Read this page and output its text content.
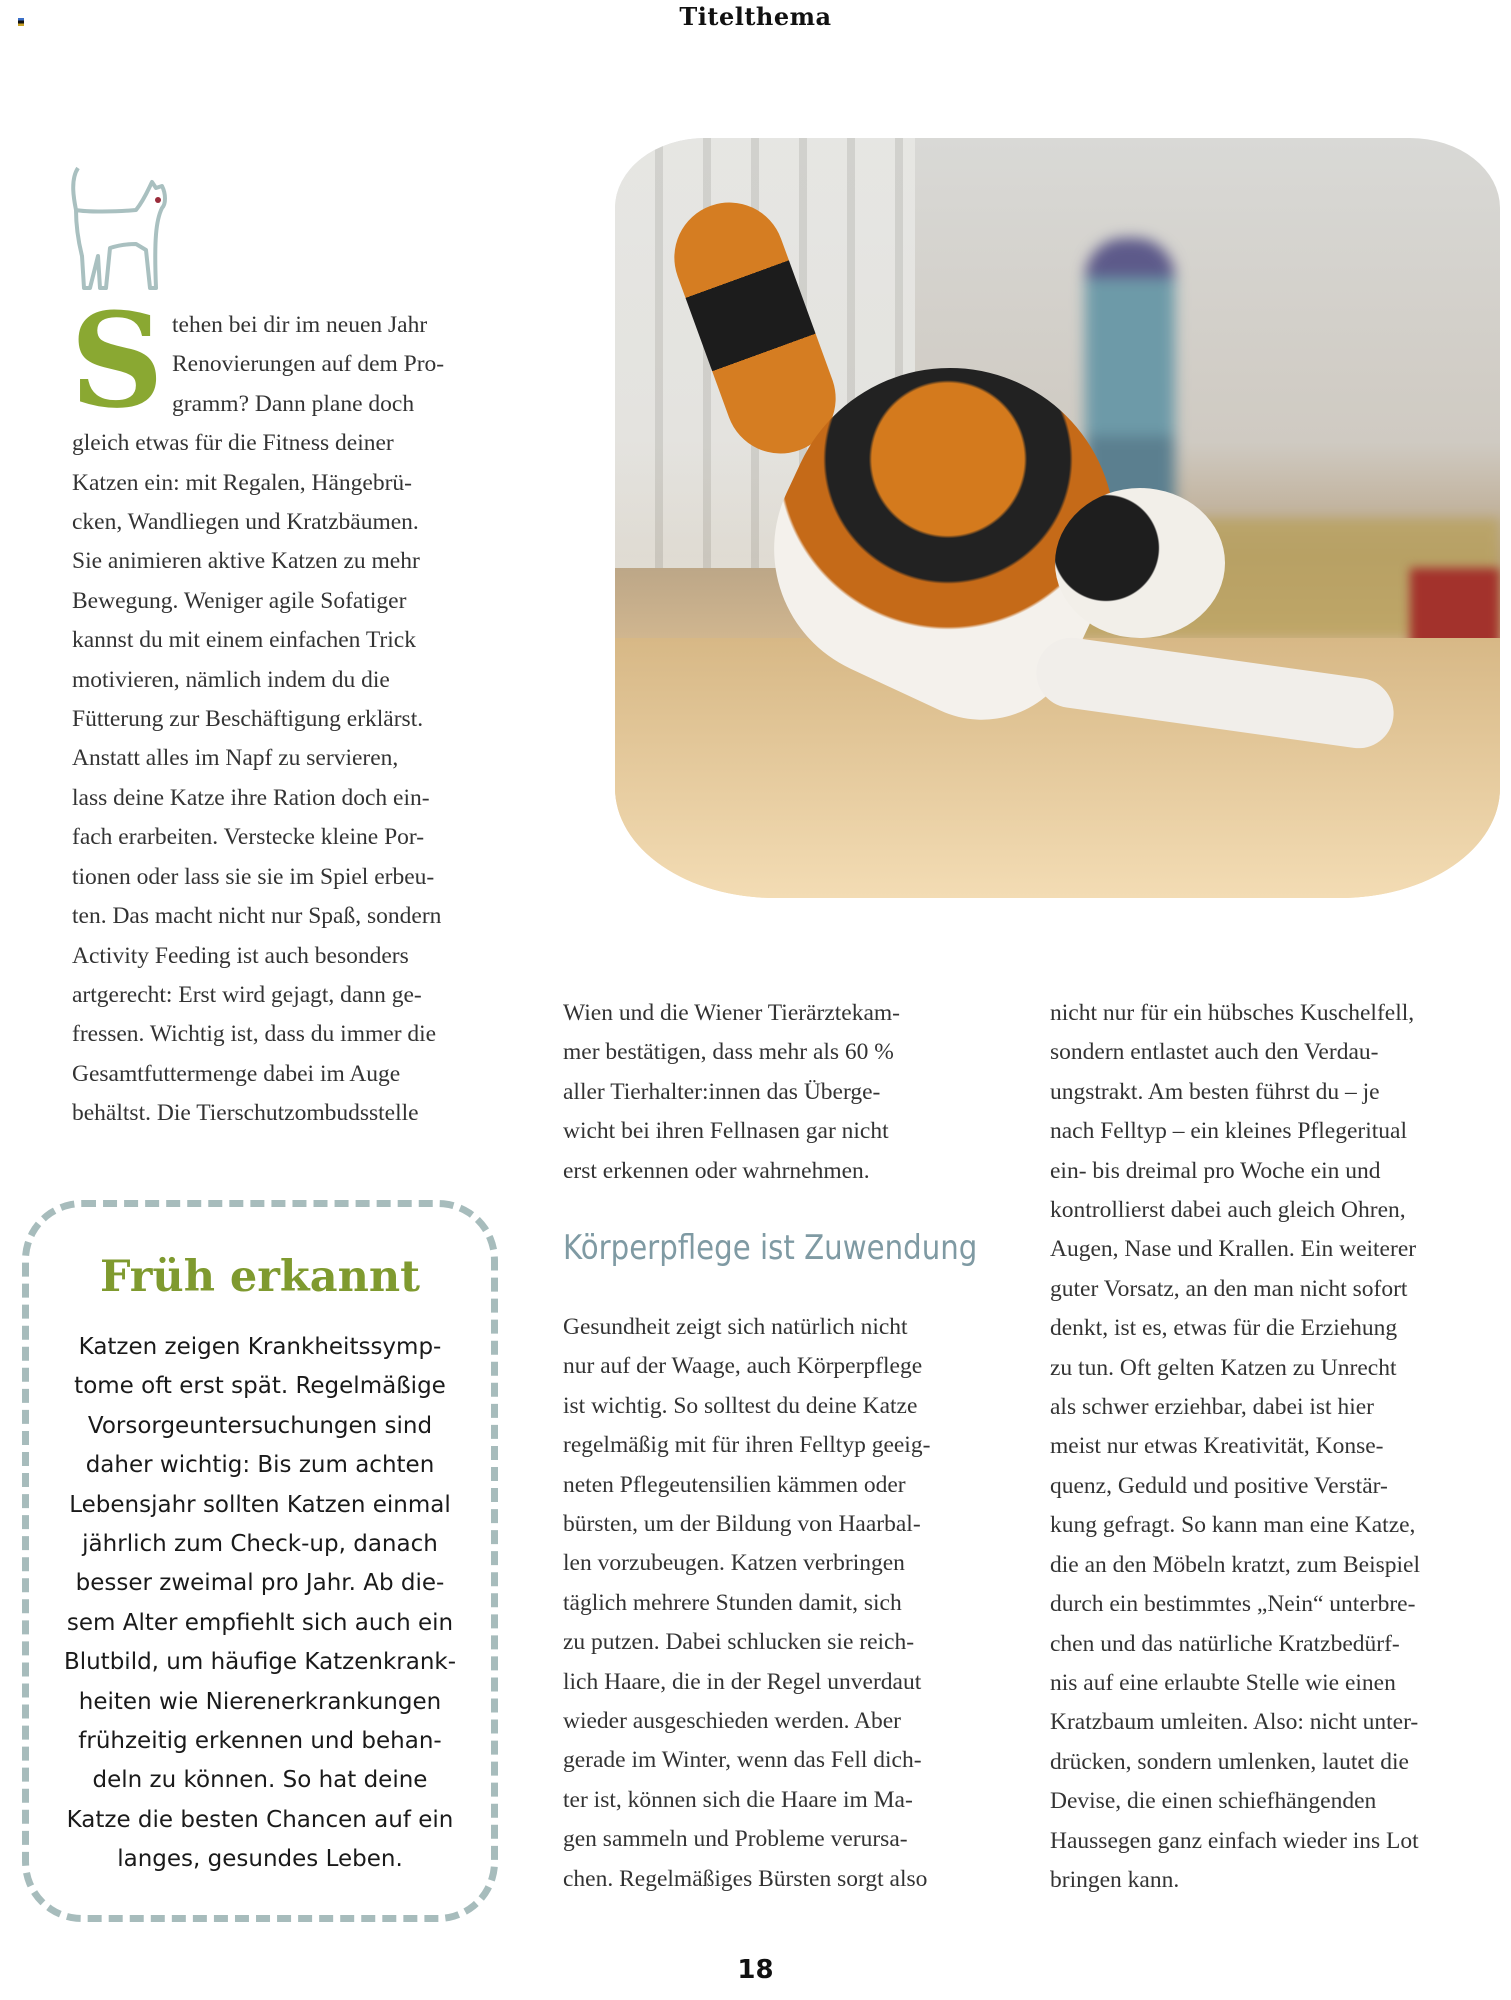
Titelthema
S tehen bei dir im neuen Jahr
Renovierungen auf dem Pro-
gramm? Dann plane doch
gleich etwas für die Fitness deiner
Katzen ein: mit Regalen, Hängebrü-
cken, Wandliegen und Kratzbäumen.
Sie animieren aktive Katzen zu mehr
Bewegung. Weniger agile Sofatiger
kannst du mit einem einfachen Trick
motivieren, nämlich indem du die
Fütterung zur Beschäftigung erklärst.
Anstatt alles im Napf zu servieren,
lass deine Katze ihre Ration doch ein-
fach erarbeiten. Verstecke kleine Por-
tionen oder lass sie sie im Spiel erbeu-
ten. Das macht nicht nur Spaß, sondern
Activity Feeding ist auch besonders
artgerecht: Erst wird gejagt, dann ge-
fressen. Wichtig ist, dass du immer die
Gesamtfuttermenge dabei im Auge
behältst. Die Tierschutzombudsstelle
Wien und die Wiener Tierärztekam-
mer bestätigen, dass mehr als 60 %
aller Tierhalter:innen das Überge-
wicht bei ihren Fellnasen gar nicht
erst erkennen oder wahrnehmen.
Körperpflege ist Zuwendung
Gesundheit zeigt sich natürlich nicht
nur auf der Waage, auch Körperpflege
ist wichtig. So solltest du deine Katze
regelmäßig mit für ihren Felltyp geeig-
neten Pflegeutensilien kämmen oder
bürsten, um der Bildung von Haarbal-
len vorzubeugen. Katzen verbringen
täglich mehrere Stunden damit, sich
zu putzen. Dabei schlucken sie reich-
lich Haare, die in der Regel unverdaut
wieder ausgeschieden werden. Aber
gerade im Winter, wenn das Fell dich-
ter ist, können sich die Haare im Ma-
gen sammeln und Probleme verursa-
chen. Regelmäßiges Bürsten sorgt also
nicht nur für ein hübsches Kuschelfell,
sondern entlastet auch den Verdau-
ungstrakt. Am besten führst du – je
nach Felltyp – ein kleines Pflegeritual
ein- bis dreimal pro Woche ein und
kontrollierst dabei auch gleich Ohren,
Augen, Nase und Krallen. Ein weiterer
guter Vorsatz, an den man nicht sofort
denkt, ist es, etwas für die Erziehung
zu tun. Oft gelten Katzen zu Unrecht
als schwer erziehbar, dabei ist hier
meist nur etwas Kreativität, Konse-
quenz, Geduld und positive Verstär-
kung gefragt. So kann man eine Katze,
die an den Möbeln kratzt, zum Beispiel
durch ein bestimmtes „Nein“ unterbre-
chen und das natürliche Kratzbedürf-
nis auf eine erlaubte Stelle wie einen
Kratzbaum umleiten. Also: nicht unter-
drücken, sondern umlenken, lautet die
Devise, die einen schiefhängenden
Haussegen ganz einfach wieder ins Lot
bringen kann.
Früh erkannt
Katzen zeigen Krankheitssymp-
tome oft erst spät. Regelmäßige
Vorsorgeuntersuchungen sind
daher wichtig: Bis zum achten
Lebensjahr sollten Katzen einmal
jährlich zum Check-up, danach
besser zweimal pro Jahr. Ab die-
sem Alter empfiehlt sich auch ein
Blutbild, um häufige Katzenkrank-
heiten wie Nierenerkrankungen
frühzeitig erkennen und behan-
deln zu können. So hat deine
Katze die besten Chancen auf ein
langes, gesundes Leben.
18
